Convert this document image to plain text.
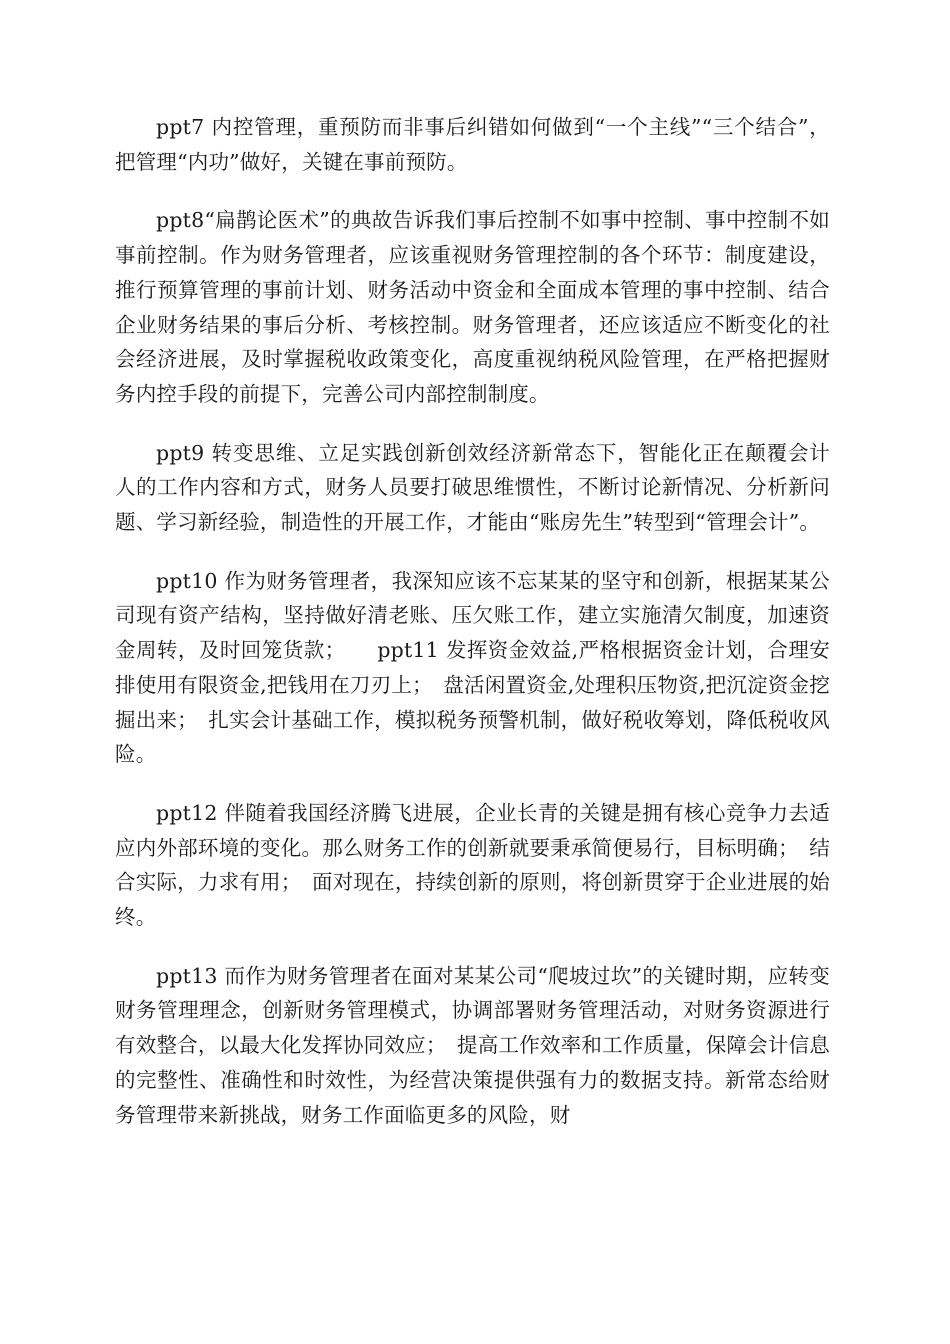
ppt7 内控管理，重预防而非事后纠错如何做到“一个主线”“三个结合”，把管理“内功”做好，关键在事前预防。

ppt8“扁鹊论医术”的典故告诉我们事后控制不如事中控制、事中控制不如事前控制。作为财务管理者，应该重视财务管理控制的各个环节：制度建设，推行预算管理的事前计划、财务活动中资金和全面成本管理的事中控制、结合企业财务结果的事后分析、考核控制。财务管理者，还应该适应不断变化的社会经济进展，及时掌握税收政策变化，高度重视纳税风险管理，在严格把握财务内控手段的前提下，完善公司内部控制制度。

ppt9 转变思维、立足实践创新创效经济新常态下，智能化正在颠覆会计人的工作内容和方式，财务人员要打破思维惯性，不断讨论新情况、分析新问题、学习新经验，制造性的开展工作，才能由“账房先生”转型到“管理会计”。

ppt10 作为财务管理者，我深知应该不忘某某的坚守和创新，根据某某公司现有资产结构，坚持做好清老账、压欠账工作，建立实施清欠制度，加速资金周转，及时回笼货款；　　ppt11 发挥资金效益,严格根据资金计划，合理安排使用有限资金,把钱用在刀刃上；　盘活闲置资金,处理积压物资,把沉淀资金挖掘出来；　扎实会计基础工作，模拟税务预警机制，做好税收筹划，降低税收风险。

ppt12 伴随着我国经济腾飞进展，企业长青的关键是拥有核心竞争力去适应内外部环境的变化。那么财务工作的创新就要秉承简便易行，目标明确；　结合实际，力求有用；　面对现在，持续创新的原则，将创新贯穿于企业进展的始终。

ppt13 而作为财务管理者在面对某某公司“爬坡过坎”的关键时期，应转变财务管理理念，创新财务管理模式，协调部署财务管理活动，对财务资源进行有效整合，以最大化发挥协同效应；　提高工作效率和工作质量，保障会计信息的完整性、准确性和时效性，为经营决策提供强有力的数据支持。新常态给财务管理带来新挑战，财务工作面临更多的风险，财
